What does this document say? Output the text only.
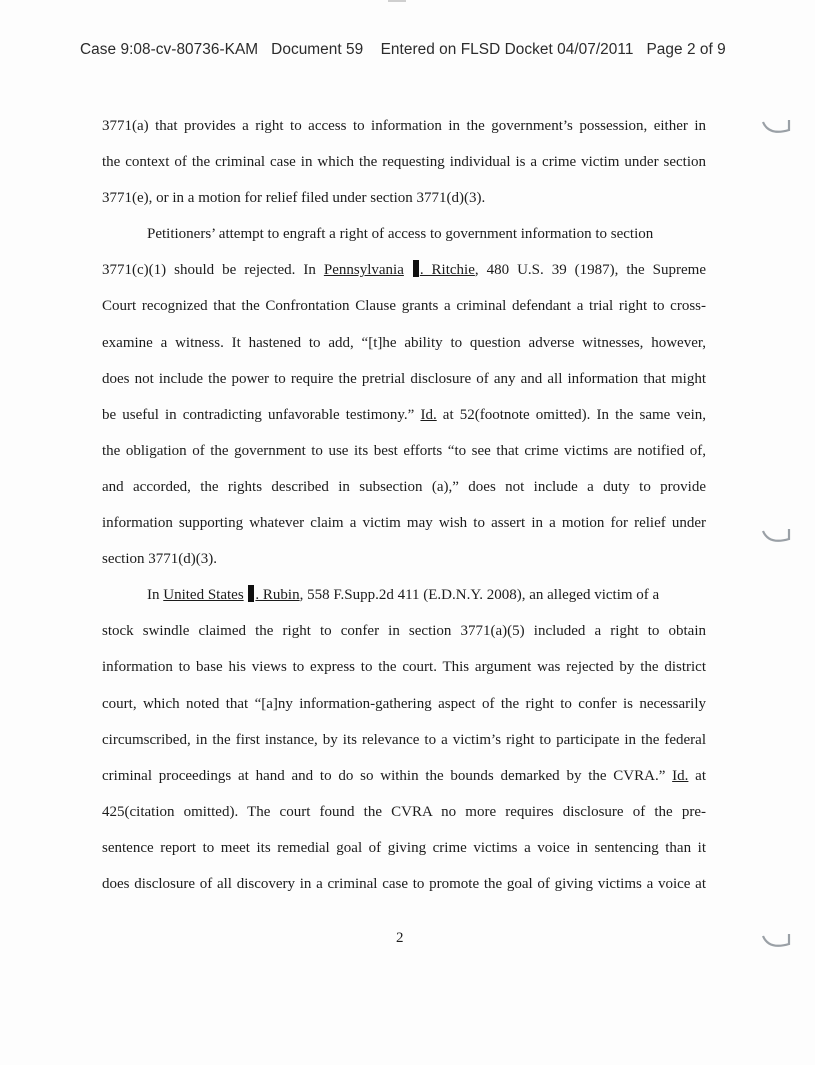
Case 9:08-cv-80736-KAM Document 59 Entered on FLSD Docket 04/07/2011 Page 2 of 9
3771(a) that provides a right to access to information in the government’s possession, either in
the context of the criminal case in which the requesting individual is a crime victim under section
3771(e), or in a motion for relief filed under section 3771(d)(3).
Petitioners’ attempt to engraft a right of access to government information to section
3771(c)(1) should be rejected. In Pennsylvania . Ritchie, 480 U.S. 39 (1987), the Supreme
Court recognized that the Confrontation Clause grants a criminal defendant a trial right to cross-
examine a witness. It hastened to add, “[t]he ability to question adverse witnesses, however,
does not include the power to require the pretrial disclosure of any and all information that might
be useful in contradicting unfavorable testimony.” Id. at 52(footnote omitted). In the same vein,
the obligation of the government to use its best efforts “to see that crime victims are notified of,
and accorded, the rights described in subsection (a),” does not include a duty to provide
information supporting whatever claim a victim may wish to assert in a motion for relief under
section 3771(d)(3).
In United States . Rubin, 558 F.Supp.2d 411 (E.D.N.Y. 2008), an alleged victim of a
stock swindle claimed the right to confer in section 3771(a)(5) included a right to obtain
information to base his views to express to the court. This argument was rejected by the district
court, which noted that “[a]ny information-gathering aspect of the right to confer is necessarily
circumscribed, in the first instance, by its relevance to a victim’s right to participate in the federal
criminal proceedings at hand and to do so within the bounds demarked by the CVRA.” Id. at
425(citation omitted). The court found the CVRA no more requires disclosure of the pre-
sentence report to meet its remedial goal of giving crime victims a voice in sentencing than it
does disclosure of all discovery in a criminal case to promote the goal of giving victims a voice at
2
